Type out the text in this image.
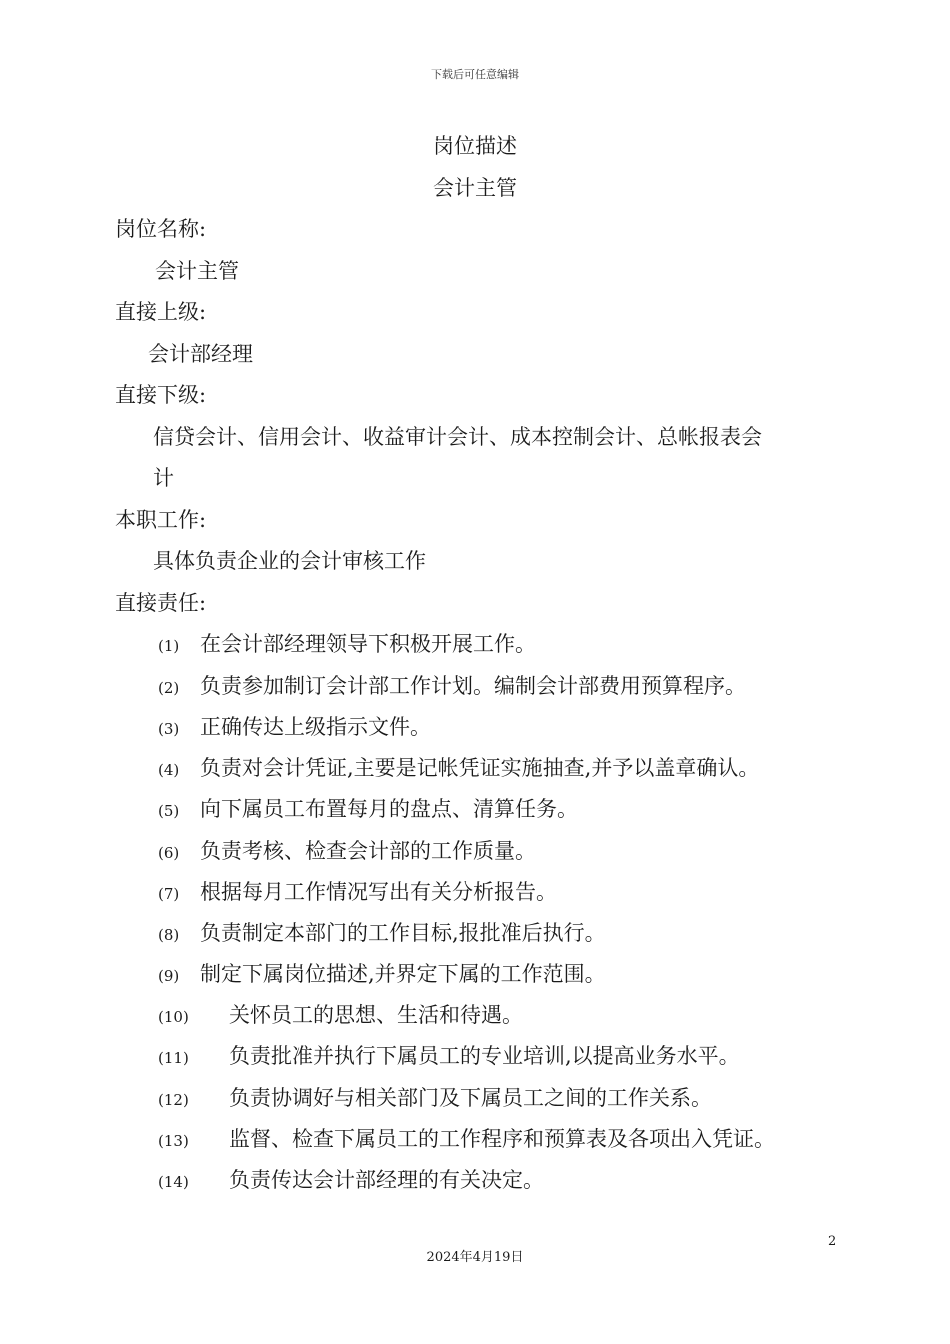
下载后可任意编辑
岗位描述
会计主管
岗位名称:
会计主管
直接上级:
会计部经理
直接下级:
信贷会计、信用会计、收益审计会计、成本控制会计、总帐报表会
计
本职工作:
具体负责企业的会计审核工作
直接责任:
(1) 在会计部经理领导下积极开展工作。
(2) 负责参加制订会计部工作计划。编制会计部费用预算程序。
(3) 正确传达上级指示文件。
(4) 负责对会计凭证,主要是记帐凭证实施抽查,并予以盖章确认。
(5) 向下属员工布置每月的盘点、清算任务。
(6) 负责考核、检查会计部的工作质量。
(7) 根据每月工作情况写出有关分析报告。
(8) 负责制定本部门的工作目标,报批准后执行。
(9) 制定下属岗位描述,并界定下属的工作范围。
(10) 关怀员工的思想、生活和待遇。
(11) 负责批准并执行下属员工的专业培训,以提高业务水平。
(12) 负责协调好与相关部门及下属员工之间的工作关系。
(13) 监督、检查下属员工的工作程序和预算表及各项出入凭证。
(14) 负责传达会计部经理的有关决定。
2
2024年4月19日
